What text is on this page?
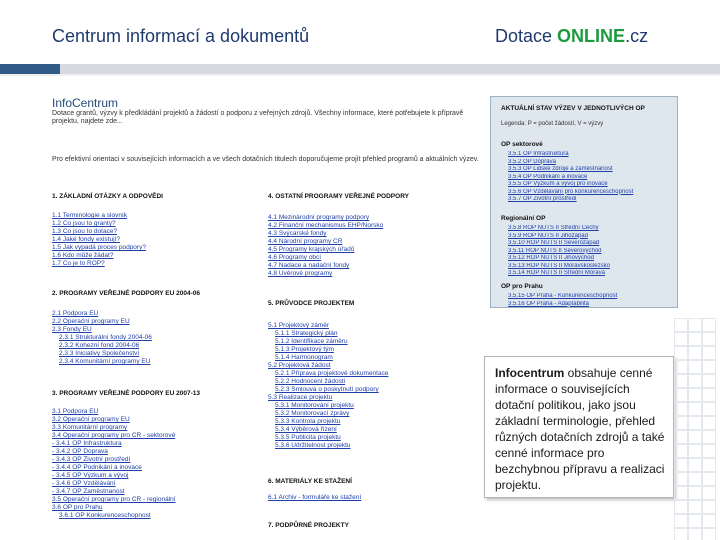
Centrum informací a dokumentů	Dotace ONLINE.cz
InfoCentrum
Dotace grantů, výzvy k předkládání projektů a žádostí o podporu z veřejných zdrojů. Všechny informace, které potřebujete k přípravě projektu, najdete zde...
Pro efektivní orientaci v souvisejících informacích a ve všech dotačních titulech doporučujeme projít přehled programů a aktuálních výzev.
1. ZÁKLADNÍ OTÁZKY A ODPOVĚDI
1.1 Terminologie a slovník
1.2 Co jsou to granty?
1.3 Co jsou to dotace?
1.4 Jaké fondy existují?
1.5 Jak vypadá proces podpory?
1.6 Kdo může žádat?
1.7 Co je to ROP?
2. PROGRAMY VEŘEJNÉ PODPORY EU 2004-06
2.1 Podpora EU
2.2 Operační programy EU
2.3 Fondy EU
2.3.1 Strukturální fondy 2004-06
2.3.2 Kohezní fond 2004-06
2.3.3 Iniciativy Společenství
2.3.4 Komunitární programy EU
3. PROGRAMY VEŘEJNÉ PODPORY EU 2007-13
3.1 Podpora EU
3.2 Operační programy EU
3.3 Komunitární programy
3.4 Operační programy pro ČR - sektorové
- 3.4.1 OP Infrastruktura
- 3.4.2 OP Doprava
- 3.4.3 OP Životní prostředí
- 3.4.4 OP Podnikání a inovace
- 3.4.5 OP Výzkum a vývoj
- 3.4.6 OP Vzdělávání
- 3.4.7 OP Zaměstnanost
3.5 Operační programy pro ČR - regionální
3.6 OP pro Prahu
3.6.1 OP Konkurenceschopnost
4. OSTATNÍ PROGRAMY VEŘEJNÉ PODPORY
4.1 Mezinárodní programy podpory
4.2 Finanční mechanismus EHP/Norsko
4.3 Švýcarské fondy
4.4 Národní programy ČR
4.5 Programy krajských úřadů
4.6 Programy obcí
4.7 Nadace a nadační fondy
4.8 Úvěrové programy
5. PRŮVODCE PROJEKTEM
5.1 Projektový záměr
5.1.1 Strategický plán
5.1.2 Identifikace záměru
5.1.3 Projektový tým
5.1.4 Harmonogram
5.2 Projektová žádost
5.2.1 Příprava projektové dokumentace
5.2.2 Hodnocení žádosti
5.2.3 Smlouva o poskytnutí podpory
5.3 Realizace projektu
5.3.1 Monitorování projektu
5.3.2 Monitorovací zprávy
5.3.3 Kontrola projektu
5.3.4 Výběrová řízení
5.3.5 Publicita projektu
5.3.6 Udržitelnost projektu
6. MATERIÁLY KE STAŽENÍ
6.1 Archiv - formuláře ke stažení
7. PODPŮRNÉ PROJEKTY
AKTUÁLNÍ STAV VÝZEV V JEDNOTLIVÝCH OP
Legenda: P = počet žádostí, V = výzvy
OP sektorové
3.5.1 OP Infrastruktura
3.5.2 OP Doprava
3.5.3 OP Lidské zdroje a zaměstnanost
3.5.4 OP Podnikání a inovace
3.5.5 OP Výzkum a vývoj pro inovace
3.5.6 OP Vzdělávání pro konkurenceschopnost
3.5.7 OP Životní prostředí
Regionální OP
3.5.8 ROP NUTS II Střední Čechy
3.5.9 ROP NUTS II Jihozápad
3.5.10 ROP NUTS II Severozápad
3.5.11 ROP NUTS II Severovýchod
3.5.12 ROP NUTS II Jihovýchod
3.5.13 ROP NUTS II Moravskoslezsko
3.5.14 ROP NUTS II Střední Morava
OP pro Prahu
3.5.15 OP Praha - Konkurenceschopnost
3.5.16 OP Praha - Adaptabilita
Infocentrum obsahuje cenné informace o souvisejících dotační politikou, jako jsou základní terminologie, přehled různých dotačních zdrojů a také cenné informace pro bezchybnou přípravu a realizaci projektu.
